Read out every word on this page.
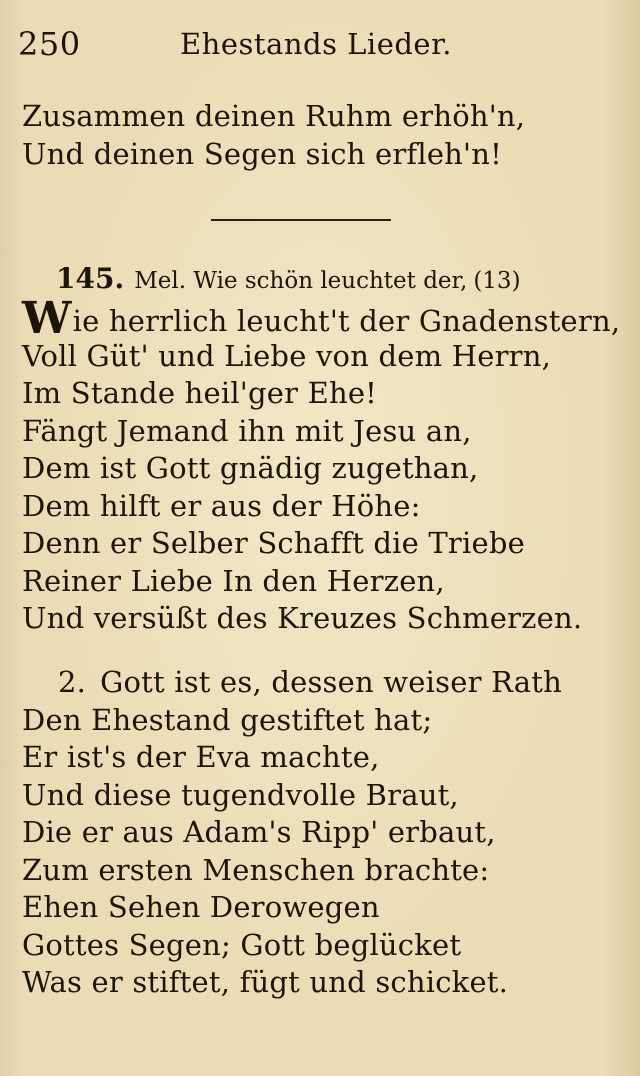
250	Ehestands Lieder.
Zusammen deinen Ruhm erhöh'n,
Und deinen Segen sich erfleh'n!
145. Mel. Wie schön leuchtet der, (13)
Wie herrlich leucht't der Gnadenstern,
Voll Güt' und Liebe von dem Herrn,
Im Stande heil'ger Ehe!
Fängt Jemand ihn mit Jesu an,
Dem ist Gott gnädig zugethan,
Dem hilft er aus der Höhe:
Denn er Selber Schafft die Triebe
Reiner Liebe In den Herzen,
Und versüßt des Kreuzes Schmerzen.
2. Gott ist es, dessen weiser Rath
Den Ehestand gestiftet hat;
Er ist's der Eva machte,
Und diese tugendvolle Braut,
Die er aus Adam's Ripp' erbaut,
Zum ersten Menschen brachte:
Ehen Sehen Derowegen
Gottes Segen; Gott beglücket
Was er stiftet, fügt und schicket.
